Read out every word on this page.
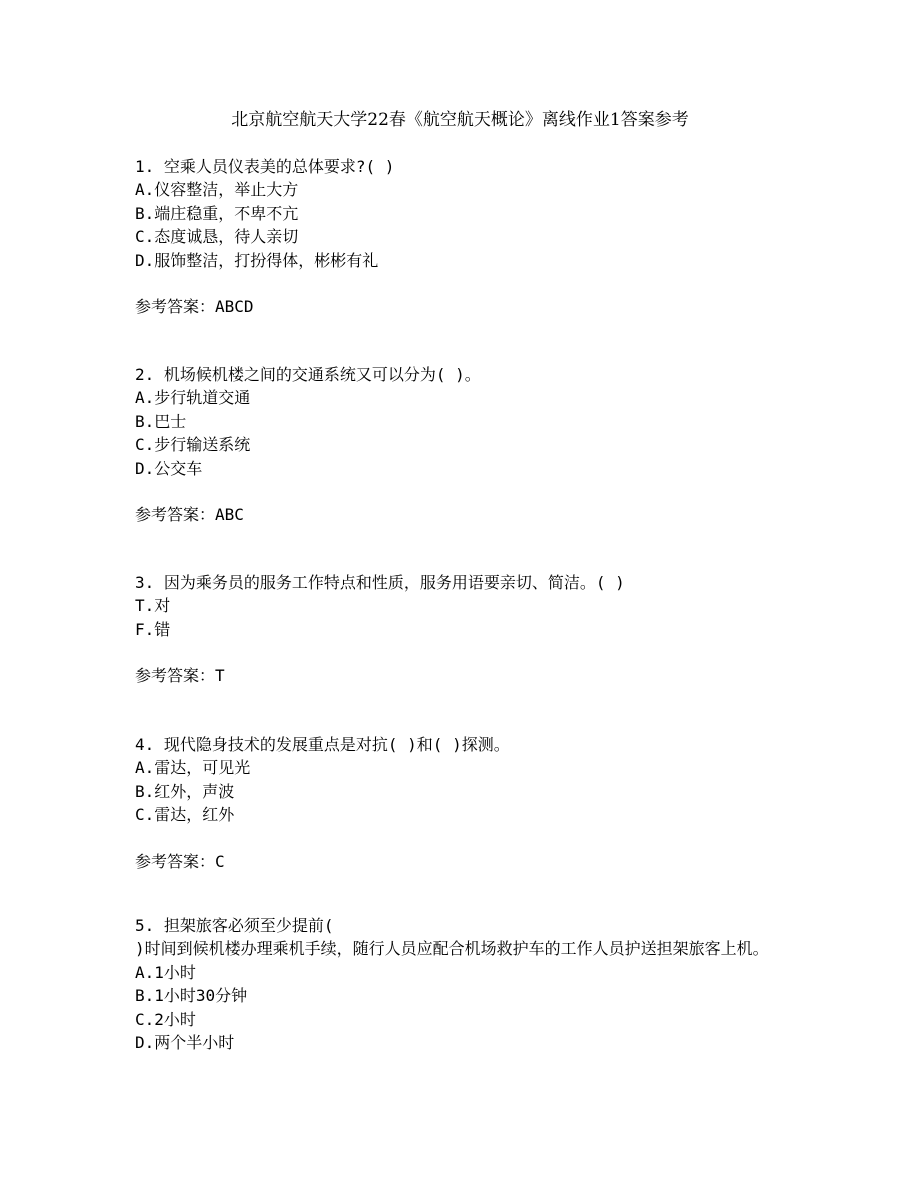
北京航空航天大学22春《航空航天概论》离线作业1答案参考

1. 空乘人员仪表美的总体要求?( )

A.仪容整洁，举止大方
B.端庄稳重，不卑不亢
C.态度诚恳，待人亲切
D.服饰整洁，打扮得体，彬彬有礼

参考答案：ABCD

2. 机场候机楼之间的交通系统又可以分为( )。

A.步行轨道交通
B.巴士
C.步行输送系统
D.公交车

参考答案：ABC

3. 因为乘务员的服务工作特点和性质，服务用语要亲切、简洁。( )

T.对
F.错

参考答案：T

4. 现代隐身技术的发展重点是对抗( )和( )探测。

A.雷达，可见光
B.红外，声波
C.雷达，红外

参考答案：C

5. 担架旅客必须至少提前(
)时间到候机楼办理乘机手续，随行人员应配合机场救护车的工作人员护送担架旅客上机。

A.1小时
B.1小时30分钟
C.2小时
D.两个半小时
